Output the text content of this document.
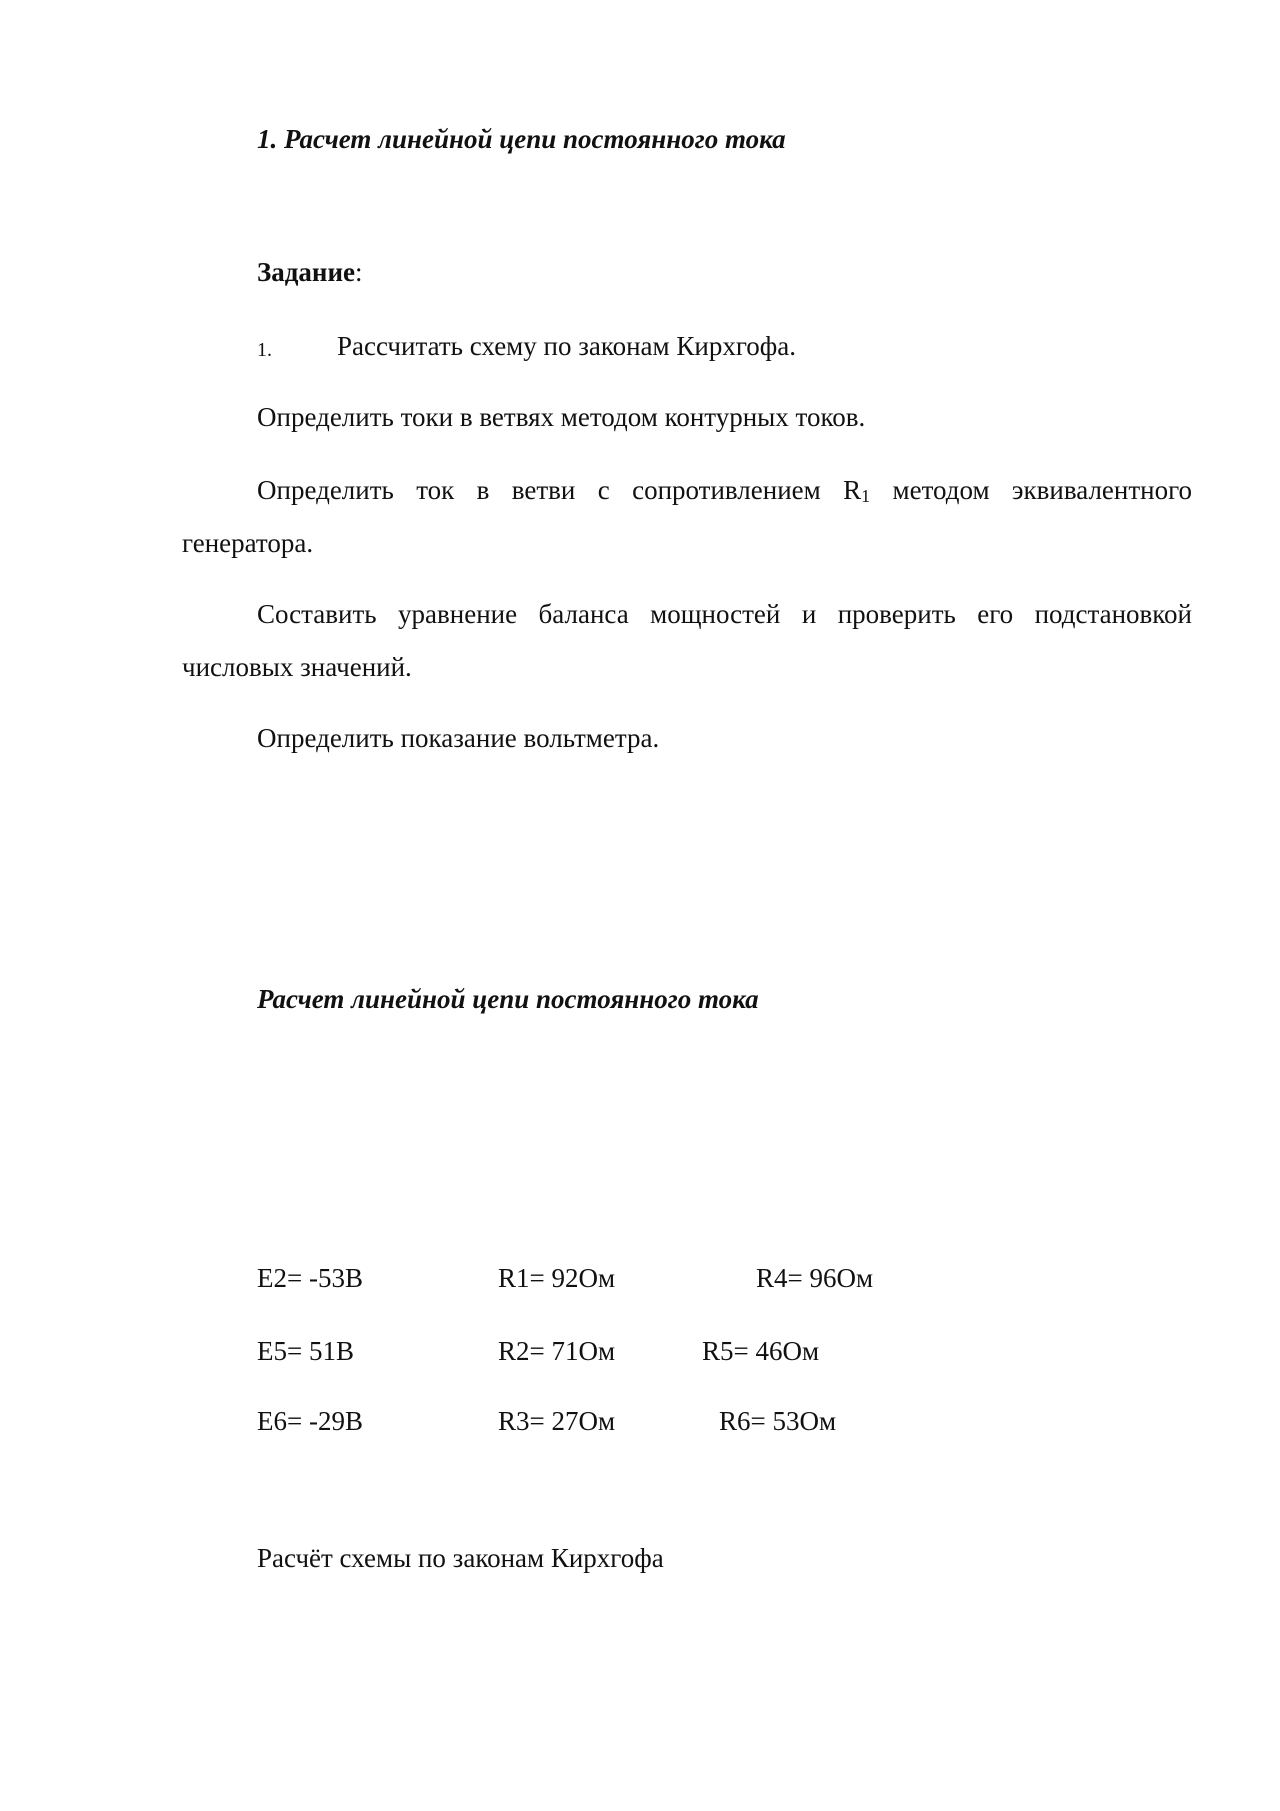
1. Расчет линейной цепи постоянного тока
Задание:
1. Рассчитать схему по законам Кирхгофа.
Определить токи в ветвях методом контурных токов.
Определить ток в ветви с сопротивлением $R_1$ методом эквивалентного
генератора.
Составить уравнение баланса мощностей и проверить его подстановкой
числовых значений.
Определить показание вольтметра.
Расчет линейной цепи постоянного тока
E2= -53В	R1= 92Ом	R4= 96Ом
E5= 51В	R2= 71Ом	R5= 46Ом
E6= -29В	R3= 27Ом	R6= 53Ом
Расчёт схемы по законам Кирхгофа
